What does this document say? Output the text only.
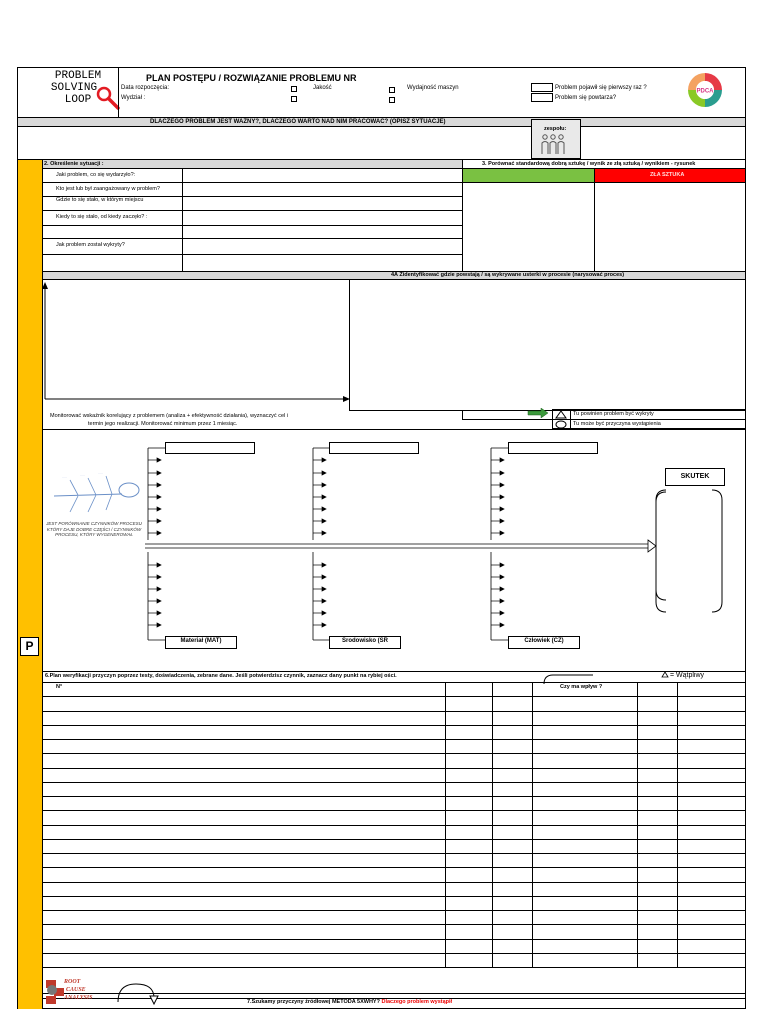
PROBLEM
SOLVING
LOOP
PLAN POSTĘPU / ROZWIĄZANIE PROBLEMU NR
Data rozpoczęcia:
Wydział :
Jakość	Wydajność maszyn	Problem pojawił się pierwszy raz ?
Problem się powtarza?
PDCA
DLACZEGO PROBLEM JEST WAŻNY?, DLACZEGO WARTO NAD NIM PRACOWAĆ? (OPISZ SYTUACJE)
zespołu:
P
2. Określenie sytuacji :
Jaki problem, co się wydarzyło?:
Kto jest lub był zaangażowany w problem?
Gdzie to się stało, w którym miejscu
Kiedy to się stało, od kiedy zaczęło? :
Jak problem został wykryty?
3. Porównać standardową dobrą sztukę / wynik ze złą sztuką / wynikiem - rysunek
ZŁA SZTUKA
4A Zidentyfikować gdzie powstają / są wykrywane usterki w procesie (narysować proces)
Monitorować wskaźnik korelujący z problemem (analiza + efektywność działania), wyznaczyć cel i
termin jego realizacji. Monitorować minimum przez 1 miesiąc.
Tu powinien problem być wykryty
Tu może być przyczyna wystąpienia
·····	·····	·····
JEST PORÓWNANIE CZYNNIKÓW PROCESU KTÓRY DAJE DOBRE CZĘŚCI / CZYNNIKÓW PROCESU, KTÓRY WYGENEROWAŁ
SKUTEK
Materiał (MAT)	Środowisko (ŚR	Człowiek (CZ)
6.Plan weryfikacji przyczyn poprzez testy, doświadczenia, zebrane dane. Jeśli potwierdzisz czynnik, zaznacz dany punkt na rybiej ości.	= Wątpliwy
N°	Czy ma wpływ ?
ROOT
CAUSE
ANALYSIS
7.Szukamy przyczyny źródłowej METODA 5XWHY? Dlaczego problem wystąpił
